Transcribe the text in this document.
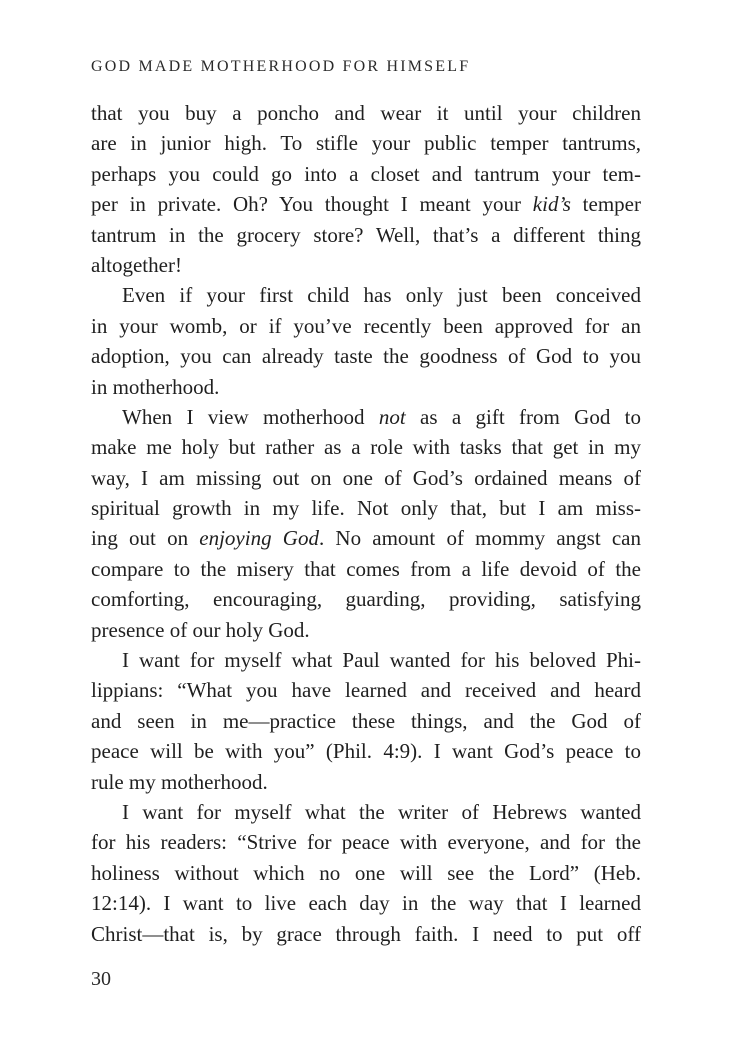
GOD MADE MOTHERHOOD FOR HIMSELF
that you buy a poncho and wear it until your children
are in junior high. To stifle your public temper tantrums,
perhaps you could go into a closet and tantrum your tem-
per in private. Oh? You thought I meant your kid’s temper
tantrum in the grocery store? Well, that’s a different thing
altogether!
Even if your first child has only just been conceived
in your womb, or if you’ve recently been approved for an
adoption, you can already taste the goodness of God to you
in motherhood.
When I view motherhood not as a gift from God to
make me holy but rather as a role with tasks that get in my
way, I am missing out on one of God’s ordained means of
spiritual growth in my life. Not only that, but I am miss-
ing out on enjoying God. No amount of mommy angst can
compare to the misery that comes from a life devoid of the
comforting, encouraging, guarding, providing, satisfying
presence of our holy God.
I want for myself what Paul wanted for his beloved Phi-
lippians: “What you have learned and received and heard
and seen in me—practice these things, and the God of
peace will be with you” (Phil. 4:9). I want God’s peace to
rule my motherhood.
I want for myself what the writer of Hebrews wanted
for his readers: “Strive for peace with everyone, and for the
holiness without which no one will see the Lord” (Heb.
12:14). I want to live each day in the way that I learned
Christ—that is, by grace through faith. I need to put off
30
